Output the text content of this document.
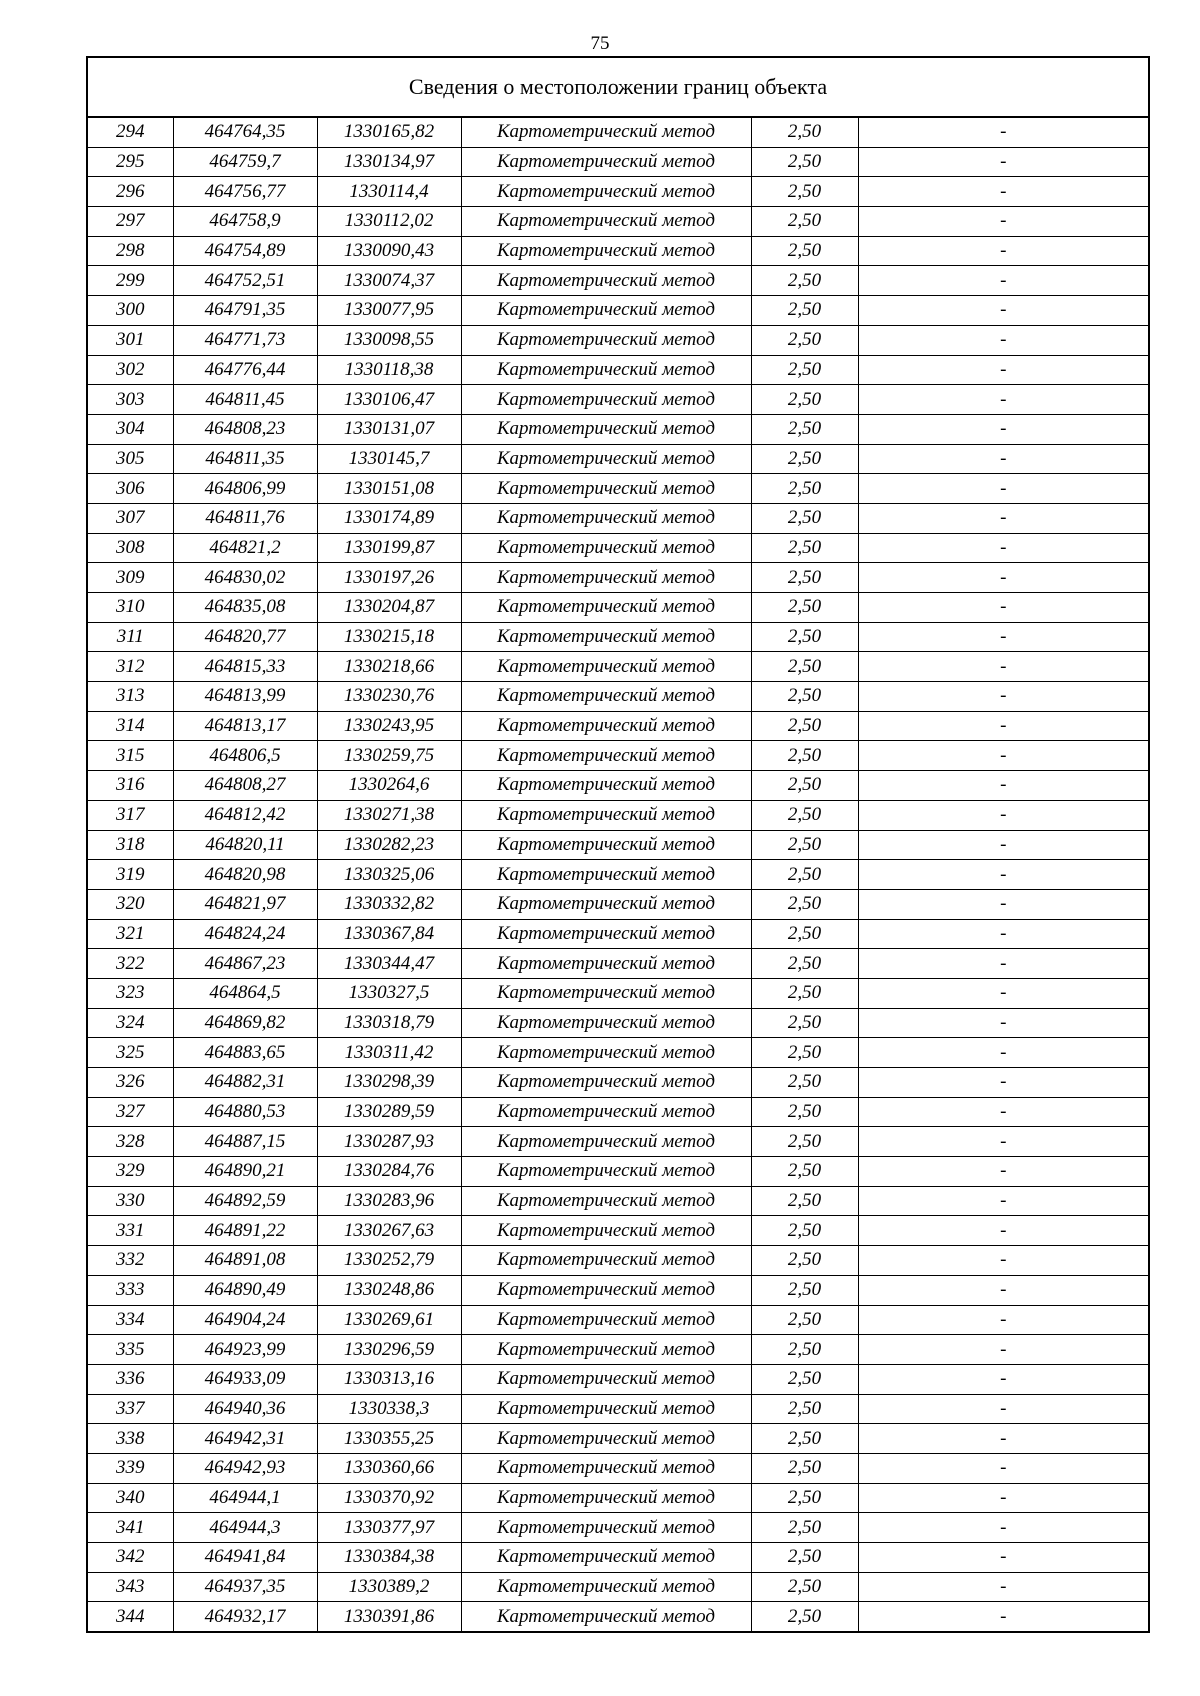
75
Сведения о местоположении границ объекта
294	464764,35	1330165,82	Картометрический метод	2,50	-
295	464759,7	1330134,97	Картометрический метод	2,50	-
296	464756,77	1330114,4	Картометрический метод	2,50	-
297	464758,9	1330112,02	Картометрический метод	2,50	-
298	464754,89	1330090,43	Картометрический метод	2,50	-
299	464752,51	1330074,37	Картометрический метод	2,50	-
300	464791,35	1330077,95	Картометрический метод	2,50	-
301	464771,73	1330098,55	Картометрический метод	2,50	-
302	464776,44	1330118,38	Картометрический метод	2,50	-
303	464811,45	1330106,47	Картометрический метод	2,50	-
304	464808,23	1330131,07	Картометрический метод	2,50	-
305	464811,35	1330145,7	Картометрический метод	2,50	-
306	464806,99	1330151,08	Картометрический метод	2,50	-
307	464811,76	1330174,89	Картометрический метод	2,50	-
308	464821,2	1330199,87	Картометрический метод	2,50	-
309	464830,02	1330197,26	Картометрический метод	2,50	-
310	464835,08	1330204,87	Картометрический метод	2,50	-
311	464820,77	1330215,18	Картометрический метод	2,50	-
312	464815,33	1330218,66	Картометрический метод	2,50	-
313	464813,99	1330230,76	Картометрический метод	2,50	-
314	464813,17	1330243,95	Картометрический метод	2,50	-
315	464806,5	1330259,75	Картометрический метод	2,50	-
316	464808,27	1330264,6	Картометрический метод	2,50	-
317	464812,42	1330271,38	Картометрический метод	2,50	-
318	464820,11	1330282,23	Картометрический метод	2,50	-
319	464820,98	1330325,06	Картометрический метод	2,50	-
320	464821,97	1330332,82	Картометрический метод	2,50	-
321	464824,24	1330367,84	Картометрический метод	2,50	-
322	464867,23	1330344,47	Картометрический метод	2,50	-
323	464864,5	1330327,5	Картометрический метод	2,50	-
324	464869,82	1330318,79	Картометрический метод	2,50	-
325	464883,65	1330311,42	Картометрический метод	2,50	-
326	464882,31	1330298,39	Картометрический метод	2,50	-
327	464880,53	1330289,59	Картометрический метод	2,50	-
328	464887,15	1330287,93	Картометрический метод	2,50	-
329	464890,21	1330284,76	Картометрический метод	2,50	-
330	464892,59	1330283,96	Картометрический метод	2,50	-
331	464891,22	1330267,63	Картометрический метод	2,50	-
332	464891,08	1330252,79	Картометрический метод	2,50	-
333	464890,49	1330248,86	Картометрический метод	2,50	-
334	464904,24	1330269,61	Картометрический метод	2,50	-
335	464923,99	1330296,59	Картометрический метод	2,50	-
336	464933,09	1330313,16	Картометрический метод	2,50	-
337	464940,36	1330338,3	Картометрический метод	2,50	-
338	464942,31	1330355,25	Картометрический метод	2,50	-
339	464942,93	1330360,66	Картометрический метод	2,50	-
340	464944,1	1330370,92	Картометрический метод	2,50	-
341	464944,3	1330377,97	Картометрический метод	2,50	-
342	464941,84	1330384,38	Картометрический метод	2,50	-
343	464937,35	1330389,2	Картометрический метод	2,50	-
344	464932,17	1330391,86	Картометрический метод	2,50	-
